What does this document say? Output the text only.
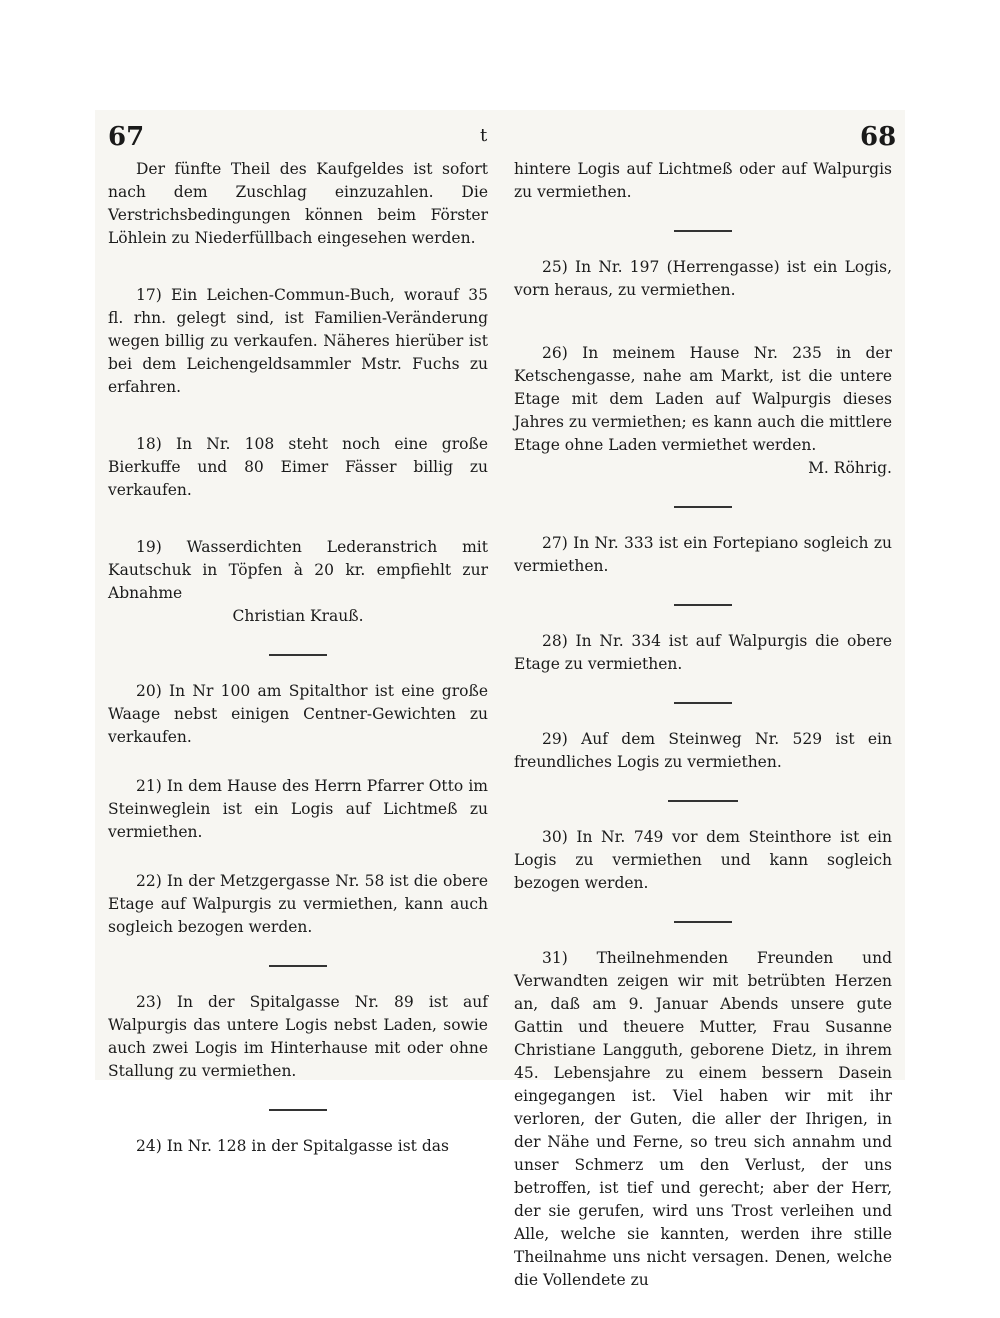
67	t	68

Der fünfte Theil des Kaufgeldes ist sofort nach dem Zuschlag einzuzahlen. Die Verstrichsbedingungen können beim Förster Löhlein zu Niederfüllbach eingesehen werden.

17) Ein Leichen-Commun-Buch, worauf 35 fl. rhn. gelegt sind, ist Familien-Veränderung wegen billig zu verkaufen. Näheres hierüber ist bei dem Leichengeldsammler Mstr. Fuchs zu erfahren.

18) In Nr. 108 steht noch eine große Bierkuffe und 80 Eimer Fässer billig zu verkaufen.

19) Wasserdichten Lederanstrich mit Kautschuk in Töpfen à 20 kr. empfiehlt zur Abnahme

Christian Krauß.

20) In Nr 100 am Spitalthor ist eine große Waage nebst einigen Centner-Gewichten zu verkaufen.

21) In dem Hause des Herrn Pfarrer Otto im Steinweglein ist ein Logis auf Lichtmeß zu vermiethen.

22) In der Metzgergasse Nr. 58 ist die obere Etage auf Walpurgis zu vermiethen, kann auch sogleich bezogen werden.

23) In der Spitalgasse Nr. 89 ist auf Walpurgis das untere Logis nebst Laden, sowie auch zwei Logis im Hinterhause mit oder ohne Stallung zu vermiethen.

24) In Nr. 128 in der Spitalgasse ist das

hintere Logis auf Lichtmeß oder auf Walpurgis zu vermiethen.

25) In Nr. 197 (Herrengasse) ist ein Logis, vorn heraus, zu vermiethen.

26) In meinem Hause Nr. 235 in der Ketschengasse, nahe am Markt, ist die untere Etage mit dem Laden auf Walpurgis dieses Jahres zu vermiethen; es kann auch die mittlere Etage ohne Laden vermiethet werden.

M. Röhrig.

27) In Nr. 333 ist ein Fortepiano sogleich zu vermiethen.

28) In Nr. 334 ist auf Walpurgis die obere Etage zu vermiethen.

29) Auf dem Steinweg Nr. 529 ist ein freundliches Logis zu vermiethen.

30) In Nr. 749 vor dem Steinthore ist ein Logis zu vermiethen und kann sogleich bezogen werden.

31) Theilnehmenden Freunden und Verwandten zeigen wir mit betrübten Herzen an, daß am 9. Januar Abends unsere gute Gattin und theuere Mutter, Frau Susanne Christiane Langguth, geborene Dietz, in ihrem 45. Lebensjahre zu einem bessern Dasein eingegangen ist. Viel haben wir mit ihr verloren, der Guten, die aller der Ihrigen, in der Nähe und Ferne, so treu sich annahm und unser Schmerz um den Verlust, der uns betroffen, ist tief und gerecht; aber der Herr, der sie gerufen, wird uns Trost verleihen und Alle, welche sie kannten, werden ihre stille Theilnahme uns nicht versagen. Denen, welche die Vollendete zu
